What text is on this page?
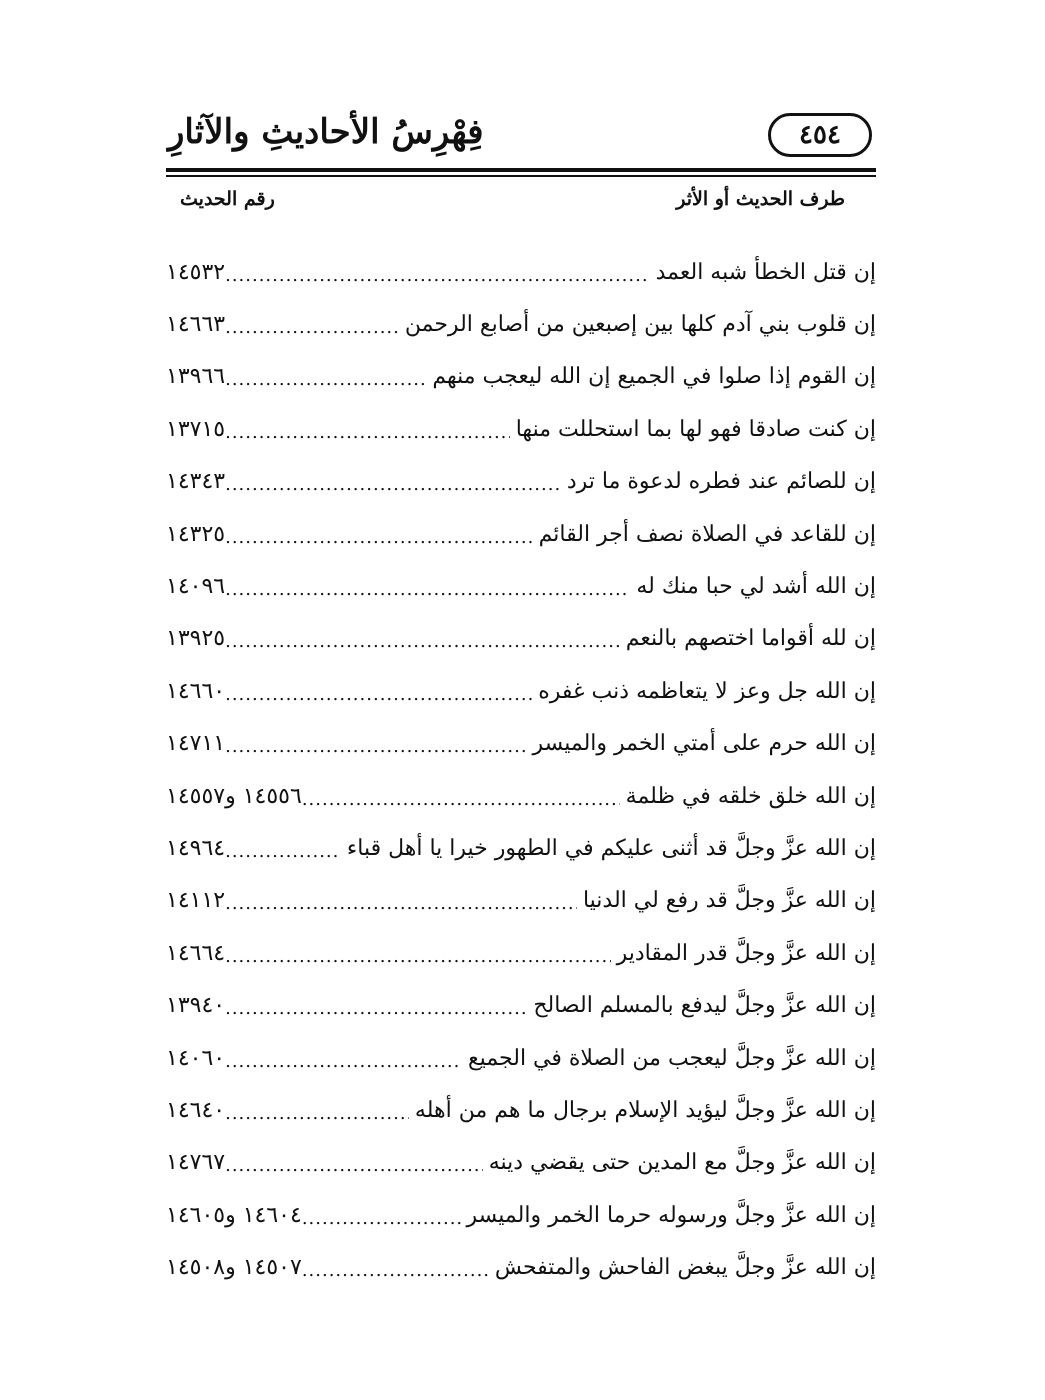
فِهْرِسُ الأحاديثِ والآثارِ	٤٥٤
طرف الحديث أو الأثر
رقم الحديث
إن قتل الخطأ شبه العمد
.....
١٤٥٣٢
إن قلوب بني آدم كلها بين إصبعين من أصابع الرحمن
.....
١٤٦٦٣
إن القوم إذا صلوا في الجميع إن الله ليعجب منهم
.....
١٣٩٦٦
إن كنت صادقا فهو لها بما استحللت منها
.....
١٣٧١٥
إن للصائم عند فطره لدعوة ما ترد
.....
١٤٣٤٣
إن للقاعد في الصلاة نصف أجر القائم
.....
١٤٣٢٥
إن الله أشد لي حبا منك له
.....
١٤٠٩٦
إن لله أقواما اختصهم بالنعم
.....
١٣٩٢٥
إن الله جل وعز لا يتعاظمه ذنب غفره
.....
١٤٦٦٠
إن الله حرم على أمتي الخمر والميسر
.....
١٤٧١١
إن الله خلق خلقه في ظلمة
.....
١٤٥٥٦ و١٤٥٥٧
إن الله عزَّ وجلَّ قد أثنى عليكم في الطهور خيرا يا أهل قباء
.....
١٤٩٦٤
إن الله عزَّ وجلَّ قد رفع لي الدنيا
.....
١٤١١٢
إن الله عزَّ وجلَّ قدر المقادير
.....
١٤٦٦٤
إن الله عزَّ وجلَّ ليدفع بالمسلم الصالح
.....
١٣٩٤٠
إن الله عزَّ وجلَّ ليعجب من الصلاة في الجميع
.....
١٤٠٦٠
إن الله عزَّ وجلَّ ليؤيد الإسلام برجال ما هم من أهله
.....
١٤٦٤٠
إن الله عزَّ وجلَّ مع المدين حتى يقضي دينه
.....
١٤٧٦٧
إن الله عزَّ وجلَّ ورسوله حرما الخمر والميسر
.....
١٤٦٠٤ و١٤٦٠٥
إن الله عزَّ وجلَّ يبغض الفاحش والمتفحش
.....
١٤٥٠٧ و١٤٥٠٨
